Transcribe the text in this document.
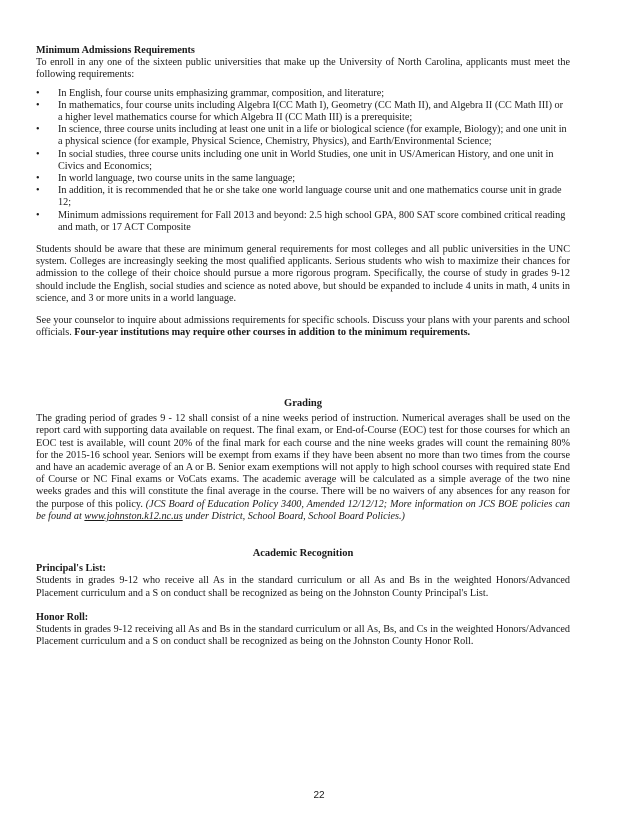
Minimum Admissions Requirements

To enroll in any one of the sixteen public universities that make up the University of North Carolina, applicants must meet the following requirements:

• In English, four course units emphasizing grammar, composition, and literature;
• In mathematics, four course units including Algebra I(CC Math I), Geometry (CC Math II), and Algebra II (CC Math III) or a higher level mathematics course for which Algebra II (CC Math III) is a prerequisite;
• In science, three course units including at least one unit in a life or biological science (for example, Biology); and one unit in a physical science (for example, Physical Science, Chemistry, Physics), and Earth/Environmental Science;
• In social studies, three course units including one unit in World Studies, one unit in US/American History, and one unit in Civics and Economics;
• In world language, two course units in the same language;
• In addition, it is recommended that he or she take one world language course unit and one mathematics course unit in grade 12;
• Minimum admissions requirement for Fall 2013 and beyond: 2.5 high school GPA, 800 SAT score combined critical reading and math, or 17 ACT Composite

Students should be aware that these are minimum general requirements for most colleges and all public universities in the UNC system. Colleges are increasingly seeking the most qualified applicants. Serious students who wish to maximize their chances for admission to the college of their choice should pursue a more rigorous program. Specifically, the course of study in grades 9-12 should include the English, social studies and science as noted above, but should be expanded to include 4 units in math, 4 units in science, and 3 or more units in a world language.

See your counselor to inquire about admissions requirements for specific schools. Discuss your plans with your parents and school officials. Four-year institutions may require other courses in addition to the minimum requirements.

Grading

The grading period of grades 9 - 12 shall consist of a nine weeks period of instruction. Numerical averages shall be used on the report card with supporting data available on request. The final exam, or End-of-Course (EOC) test for those courses for which an EOC test is available, will count 20% of the final mark for each course and the nine weeks grades will count the remaining 80% for the 2015-16 school year. Seniors will be exempt from exams if they have been absent no more than two times from the course and have an academic average of an A or B. Senior exam exemptions will not apply to high school courses with required state End of Course or NC Final exams or VoCats exams. The academic average will be calculated as a simple average of the two nine weeks grades and this will constitute the final average in the course. There will be no waivers of any absences for any reason for the purpose of this policy. (JCS Board of Education Policy 3400, Amended 12/12/12; More information on JCS BOE policies can be found at www.johnston.k12.nc.us under District, School Board, School Board Policies.)

Academic Recognition
Principal's List:

Students in grades 9-12 who receive all As in the standard curriculum or all As and Bs in the weighted Honors/Advanced Placement curriculum and a S on conduct shall be recognized as being on the Johnston County Principal's List.

Honor Roll:

Students in grades 9-12 receiving all As and Bs in the standard curriculum or all As, Bs, and Cs in the weighted Honors/Advanced Placement curriculum and a S on conduct shall be recognized as being on the Johnston County Honor Roll.

22
